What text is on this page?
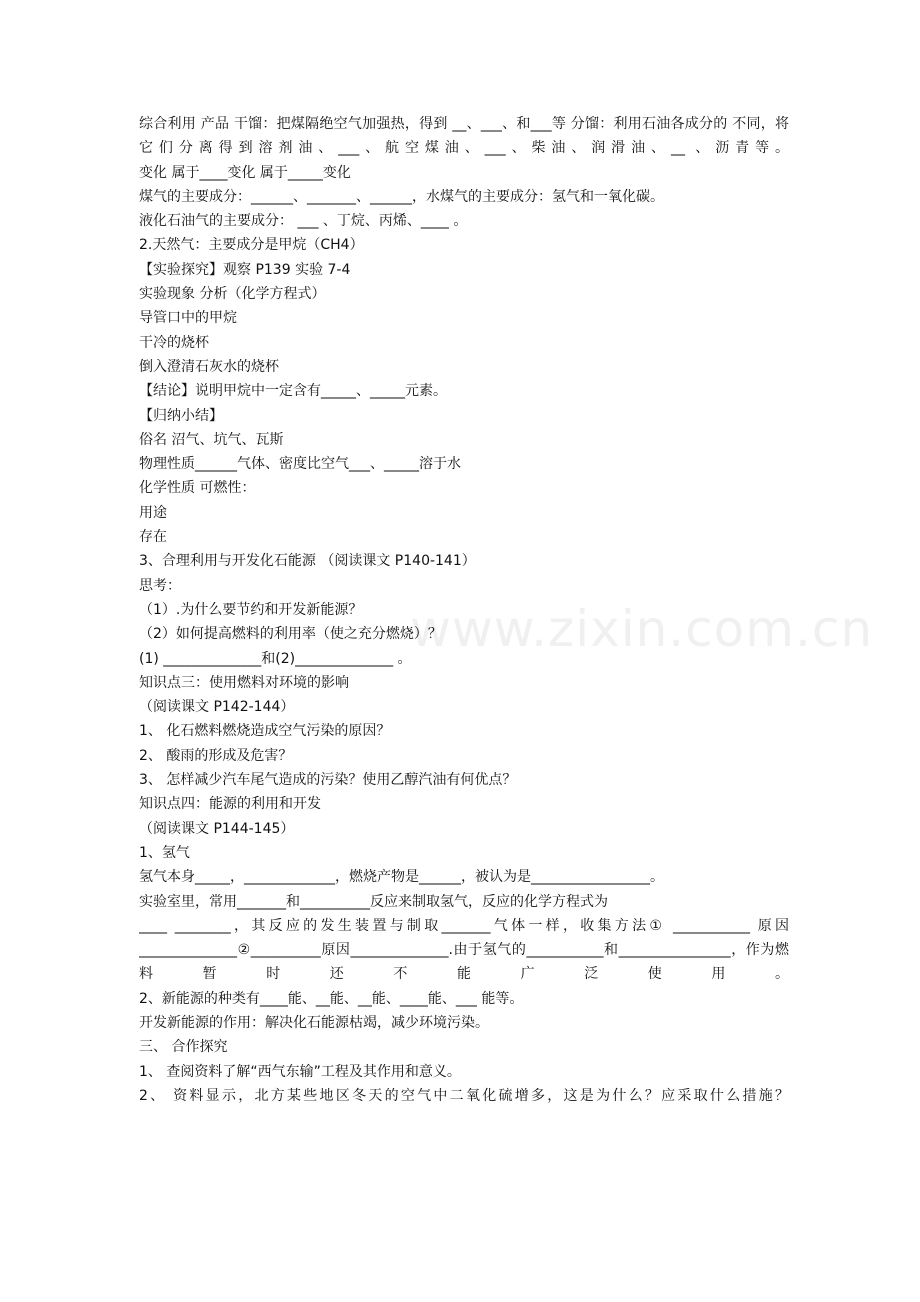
www.zixin.com.cn
综合利用 产品 干馏：把煤隔绝空气加强热，得到 __、___、和___等 分馏：利用石油各成分的 不同，将它们分离得到溶剂油、___、航空煤油、___、柴油、润滑油、__ 、沥青等。
变化 属于____变化 属于_____变化
煤气的主要成分：______、_______、______，水煤气的主要成分：氢气和一氧化碳。
液化石油气的主要成分： ___ 、丁烷、丙烯、____ 。
2.天然气：主要成分是甲烷（CH4）
【实验探究】观察 P139 实验 7-4
实验现象 分析（化学方程式）
导管口中的甲烷
干冷的烧杯
倒入澄清石灰水的烧杯
【结论】说明甲烷中一定含有_____、_____元素。
【归纳小结】
俗名 沼气、坑气、瓦斯
物理性质______气体、密度比空气___、_____溶于水
化学性质 可燃性：
用途
存在
3、合理利用与开发化石能源 （阅读课文 P140-141）
思考：
（1）.为什么要节约和开发新能源？
（2）如何提高燃料的利用率（使之充分燃烧）？
(1) ______________和(2)______________ 。
知识点三：使用燃料对环境的影响
（阅读课文 P142-144）
1、 化石燃料燃烧造成空气污染的原因？
2、 酸雨的形成及危害？
3、 怎样减少汽车尾气造成的污染？使用乙醇汽油有何优点？
知识点四：能源的利用和开发
（阅读课文 P144-145）
1、氢气
氢气本身_____，_____________，燃烧产物是______，被认为是_________________。
实验室里，常用_______和__________反应来制取氢气，反应的化学方程式为
____ ________，其反应的发生装置与制取_______气体一样，收集方法① ___________ 原因______________②__________原因______________.由于氢气的___________和________________，作为燃料暂时还不能广泛使用。
2、新能源的种类有____能、__能、__能、____能、___ 能等。
开发新能源的作用：解决化石能源枯竭，减少环境污染。
三、 合作探究
1、 查阅资料了解“西气东输”工程及其作用和意义。
2、 资料显示，北方某些地区冬天的空气中二氧化硫增多，这是为什么？应采取什么措施？
